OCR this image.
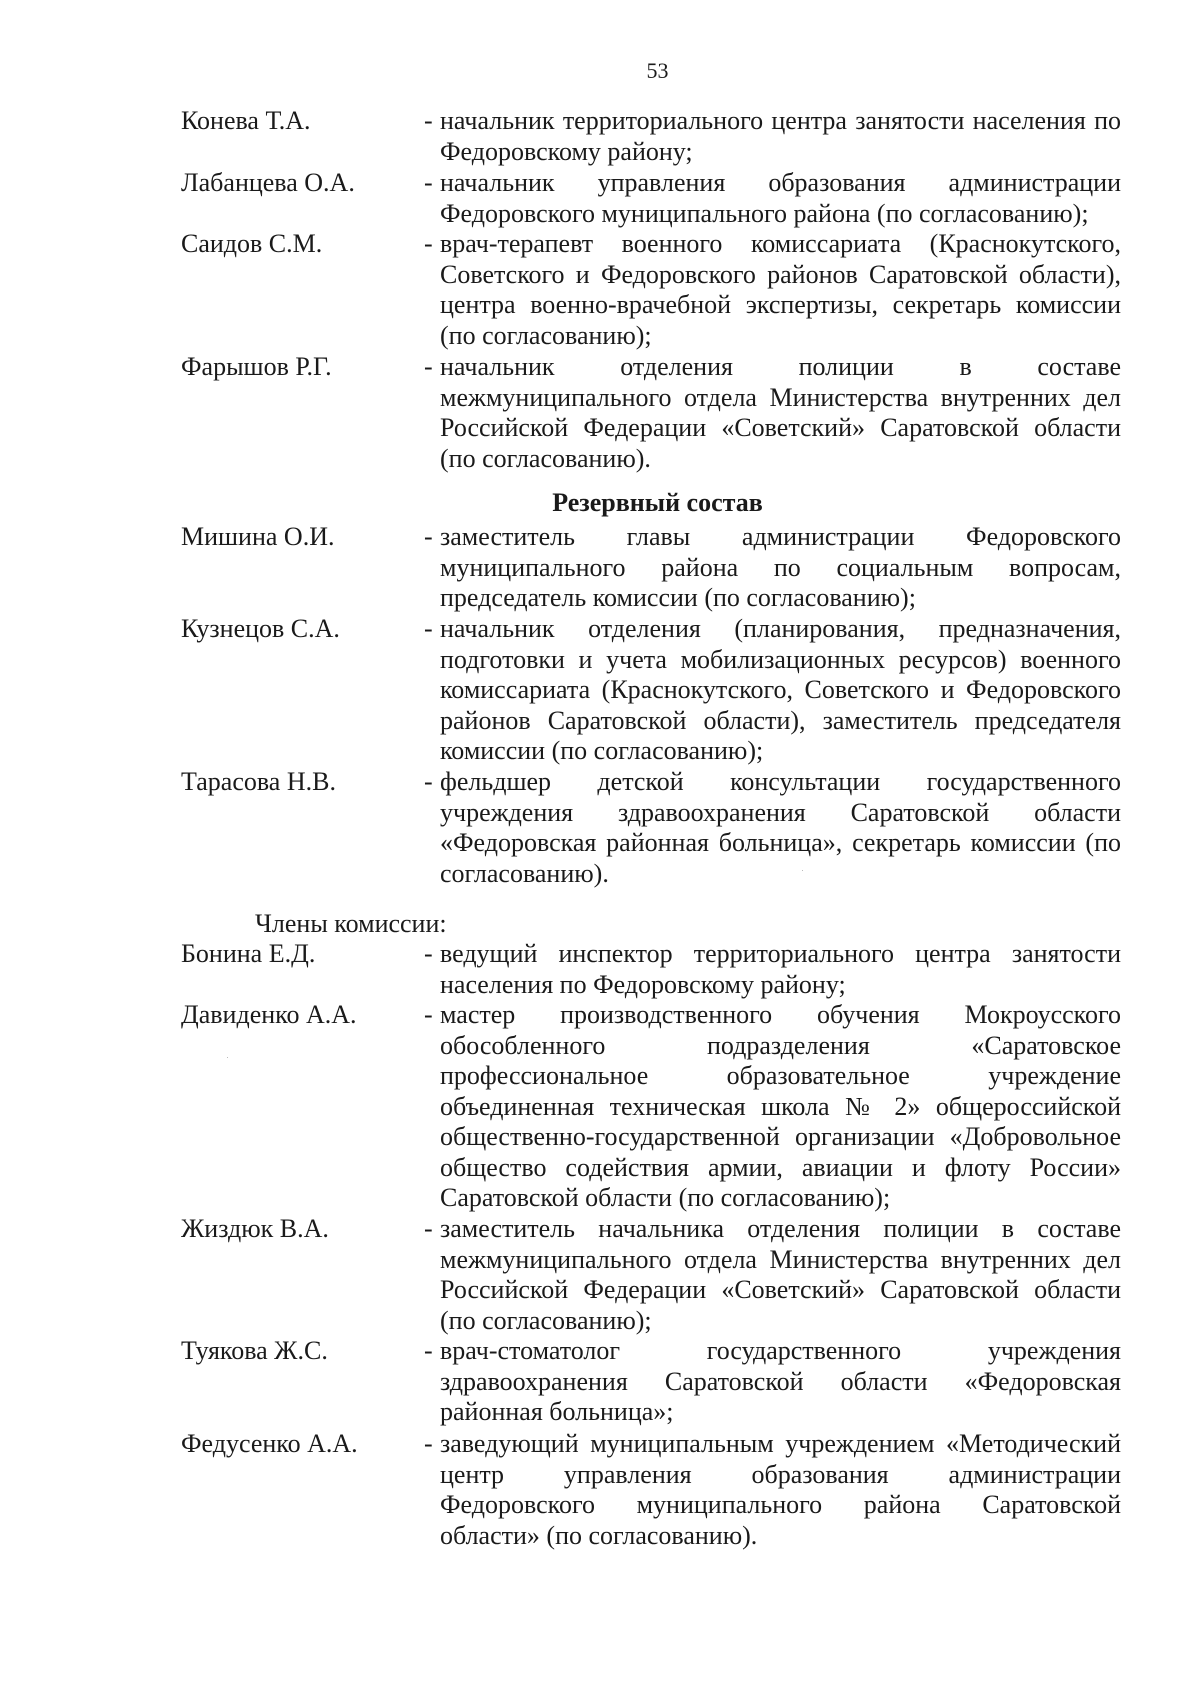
53
Конева Т.А.	- начальник территориального центра занятости населения по Федоровскому району;
Лабанцева О.А.	- начальник управления образования администрации Федоровского муниципального района (по согласованию);
Саидов С.М.	- врач-терапевт военного комиссариата (Краснокутского, Советского и Федоровского районов Саратовской области), центра военно-врачебной экспертизы, секретарь комиссии (по согласованию);
Фарышов Р.Г.	- начальник отделения полиции в составе межмуниципального отдела Министерства внутренних дел Российской Федерации «Советский» Саратовской области (по согласованию).
Резервный состав
Мишина О.И.	- заместитель главы администрации Федоровского муниципального района по социальным вопросам, председатель комиссии (по согласованию);
Кузнецов С.А.	- начальник отделения (планирования, предназначения, подготовки и учета мобилизационных ресурсов) военного комиссариата (Краснокутского, Советского и Федоровского районов Саратовской области), заместитель председателя комиссии (по согласованию);
Тарасова Н.В.	- фельдшер детской консультации государственного учреждения здравоохранения Саратовской области «Федоровская районная больница», секретарь комиссии (по согласованию).
Члены комиссии:
Бонина Е.Д.	- ведущий инспектор территориального центра занятости населения по Федоровскому району;
Давиденко А.А.	- мастер производственного обучения Мокроусского обособленного подразделения «Саратовское профессиональное образовательное учреждение объединенная техническая школа № 2» общероссийской общественно-государственной организации «Добровольное общество содействия армии, авиации и флоту России» Саратовской области (по согласованию);
Жиздюк В.А.	- заместитель начальника отделения полиции в составе межмуниципального отдела Министерства внутренних дел Российской Федерации «Советский» Саратовской области (по согласованию);
Туякова Ж.С.	- врач-стоматолог государственного учреждения здравоохранения Саратовской области «Федоровская районная больница»;
Федусенко А.А.	- заведующий муниципальным учреждением «Методический центр управления образования администрации Федоровского муниципального района Саратовской области» (по согласованию).
